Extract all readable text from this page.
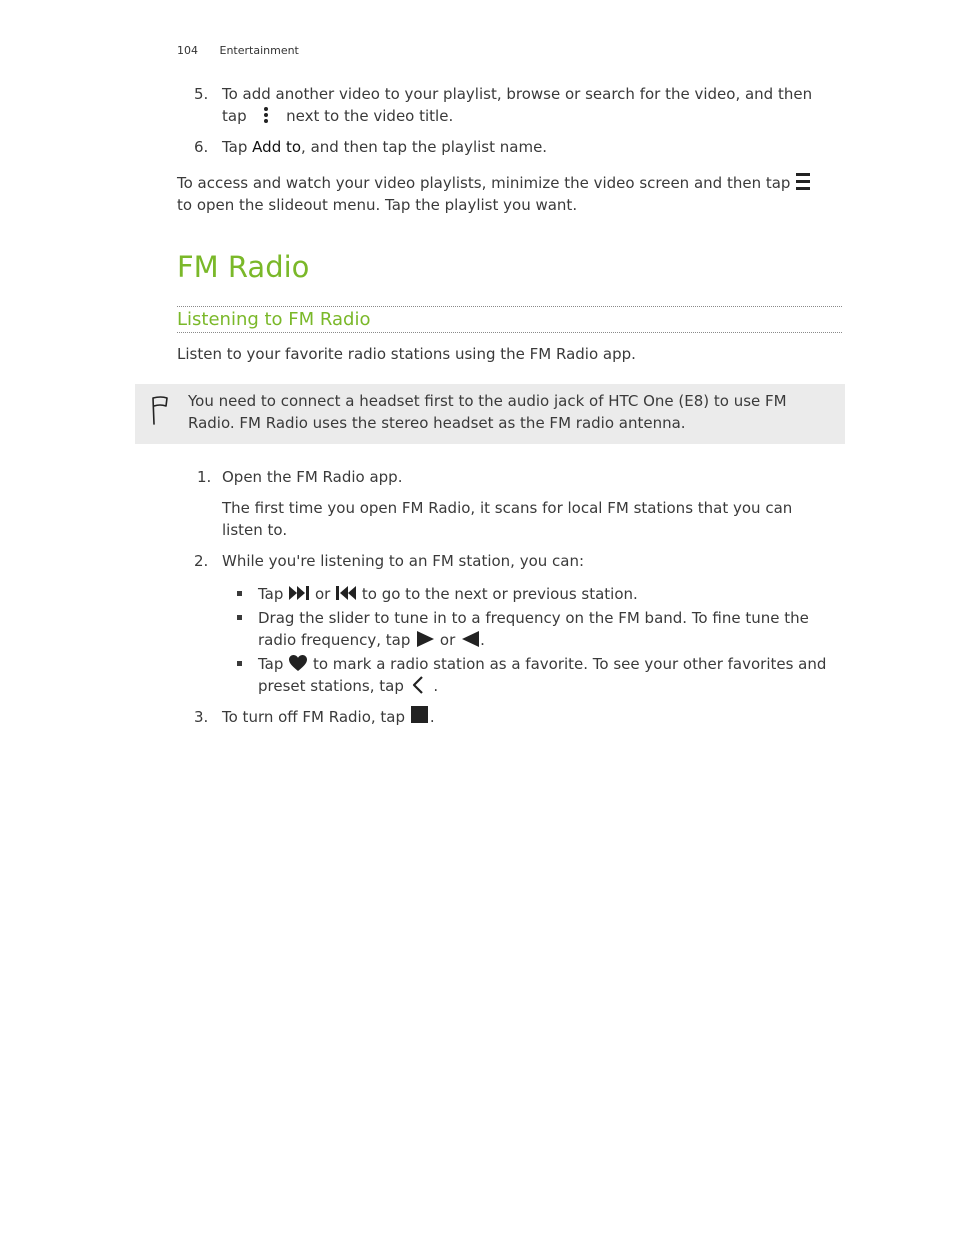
104 Entertainment
5. To add another video to your playlist, browse or search for the video, and then
tap	next to the video title.
6. Tap Add to, and then tap the playlist name.
To access and watch your video playlists, minimize the video screen and then tap
to open the slideout menu. Tap the playlist you want.
FM Radio
Listening to FM Radio
Listen to your favorite radio stations using the FM Radio app.
You need to connect a headset first to the audio jack of HTC One (E8) to use FM
Radio. FM Radio uses the stereo headset as the FM radio antenna.
1. Open the FM Radio app.
The first time you open FM Radio, it scans for local FM stations that you can
listen to.
2. While you're listening to an FM station, you can:
Tap or to go to the next or previous station.
Drag the slider to tune in to a frequency on the FM band. To fine tune the
radio frequency, tap or .
Tap to mark a radio station as a favorite. To see your other favorites and
preset stations, tap .
3. To turn off FM Radio, tap .
